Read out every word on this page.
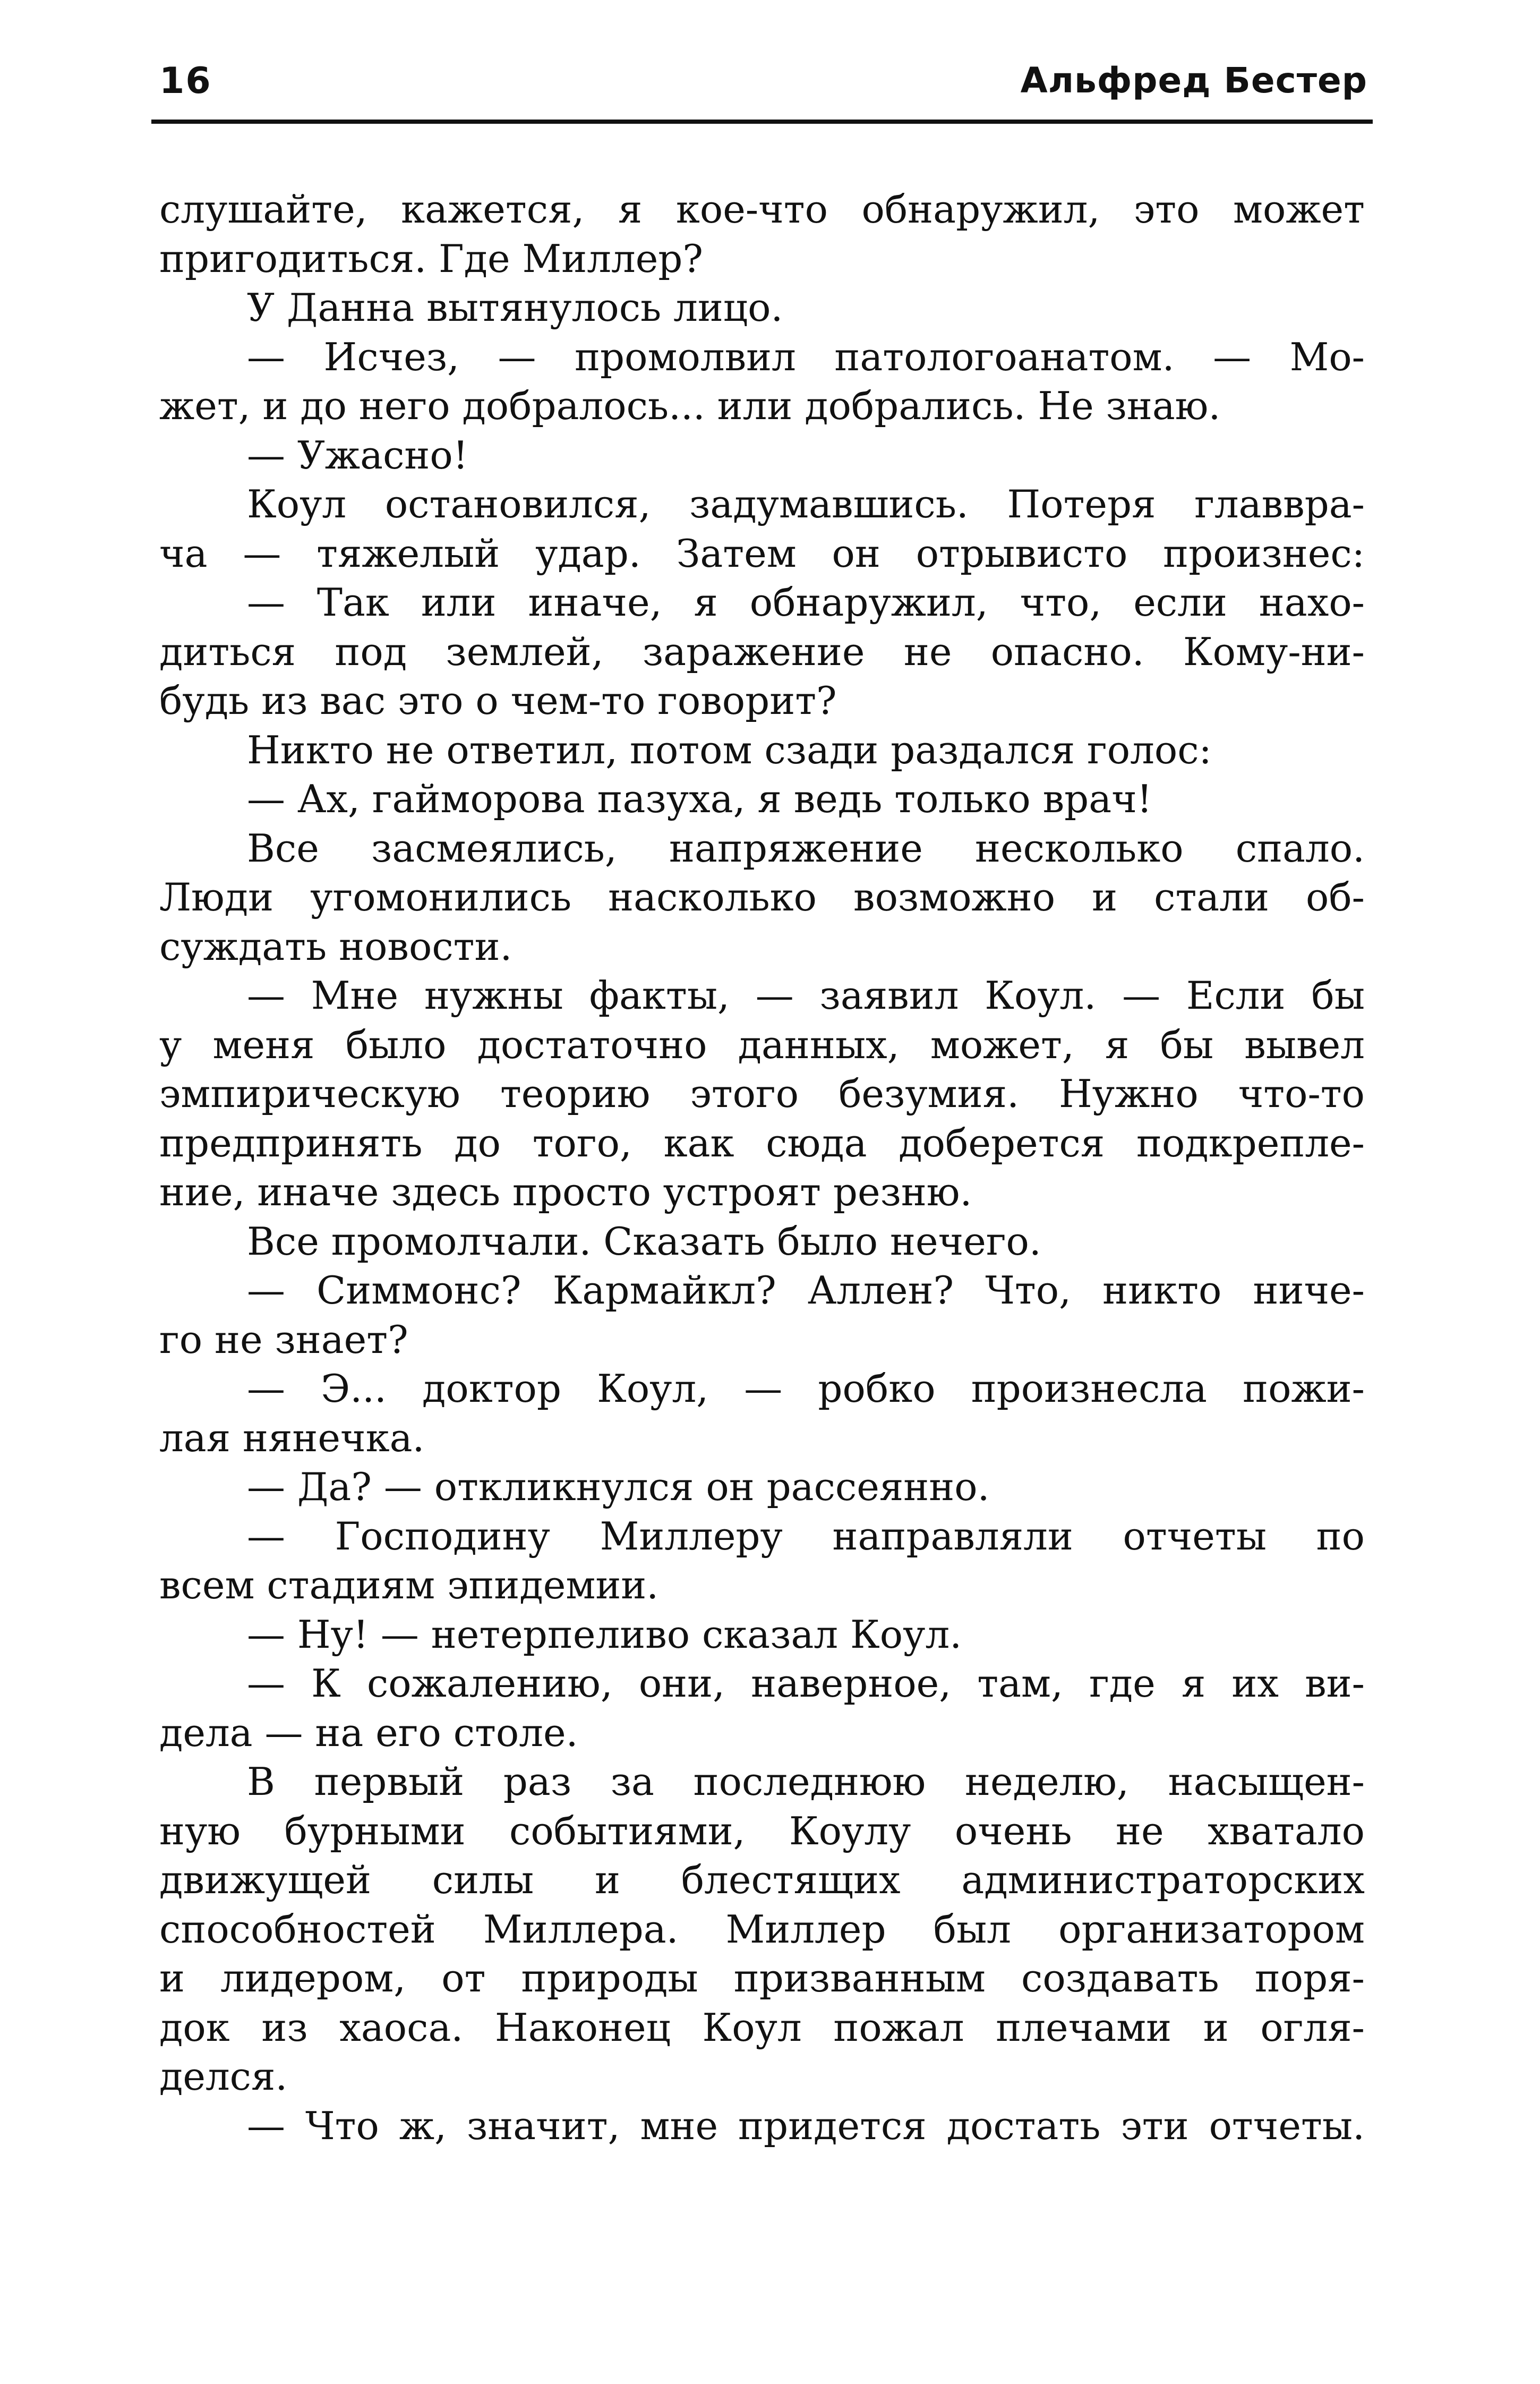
16	Альфред Бестер
слушайте, кажется, я кое-что обнаружил, это может
пригодиться. Где Миллер?
У Данна вытянулось лицо.
— Исчез, — промолвил патологоанатом. — Мо-
жет, и до него добралось... или добрались. Не знаю.
— Ужасно!
Коул остановился, задумавшись. Потеря главвра-
ча — тяжелый удар. Затем он отрывисто произнес:
— Так или иначе, я обнаружил, что, если нахо-
диться под землей, заражение не опасно. Кому-ни-
будь из вас это о чем-то говорит?
Никто не ответил, потом сзади раздался голос:
— Ах, гайморова пазуха, я ведь только врач!
Все засмеялись, напряжение несколько спало.
Люди угомонились насколько возможно и стали об-
суждать новости.
— Мне нужны факты, — заявил Коул. — Если бы
у меня было достаточно данных, может, я бы вывел
эмпирическую теорию этого безумия. Нужно что-то
предпринять до того, как сюда доберется подкрепле-
ние, иначе здесь просто устроят резню.
Все промолчали. Сказать было нечего.
— Симмонс? Кармайкл? Аллен? Что, никто ниче-
го не знает?
— Э... доктор Коул, — робко произнесла пожи-
лая нянечка.
— Да? — откликнулся он рассеянно.
— Господину Миллеру направляли отчеты по
всем стадиям эпидемии.
— Ну! — нетерпеливо сказал Коул.
— К сожалению, они, наверное, там, где я их ви-
дела — на его столе.
В первый раз за последнюю неделю, насыщен-
ную бурными событиями, Коулу очень не хватало
движущей силы и блестящих администраторских
способностей Миллера. Миллер был организатором
и лидером, от природы призванным создавать поря-
док из хаоса. Наконец Коул пожал плечами и огля-
делся.
— Что ж, значит, мне придется достать эти отчеты.
